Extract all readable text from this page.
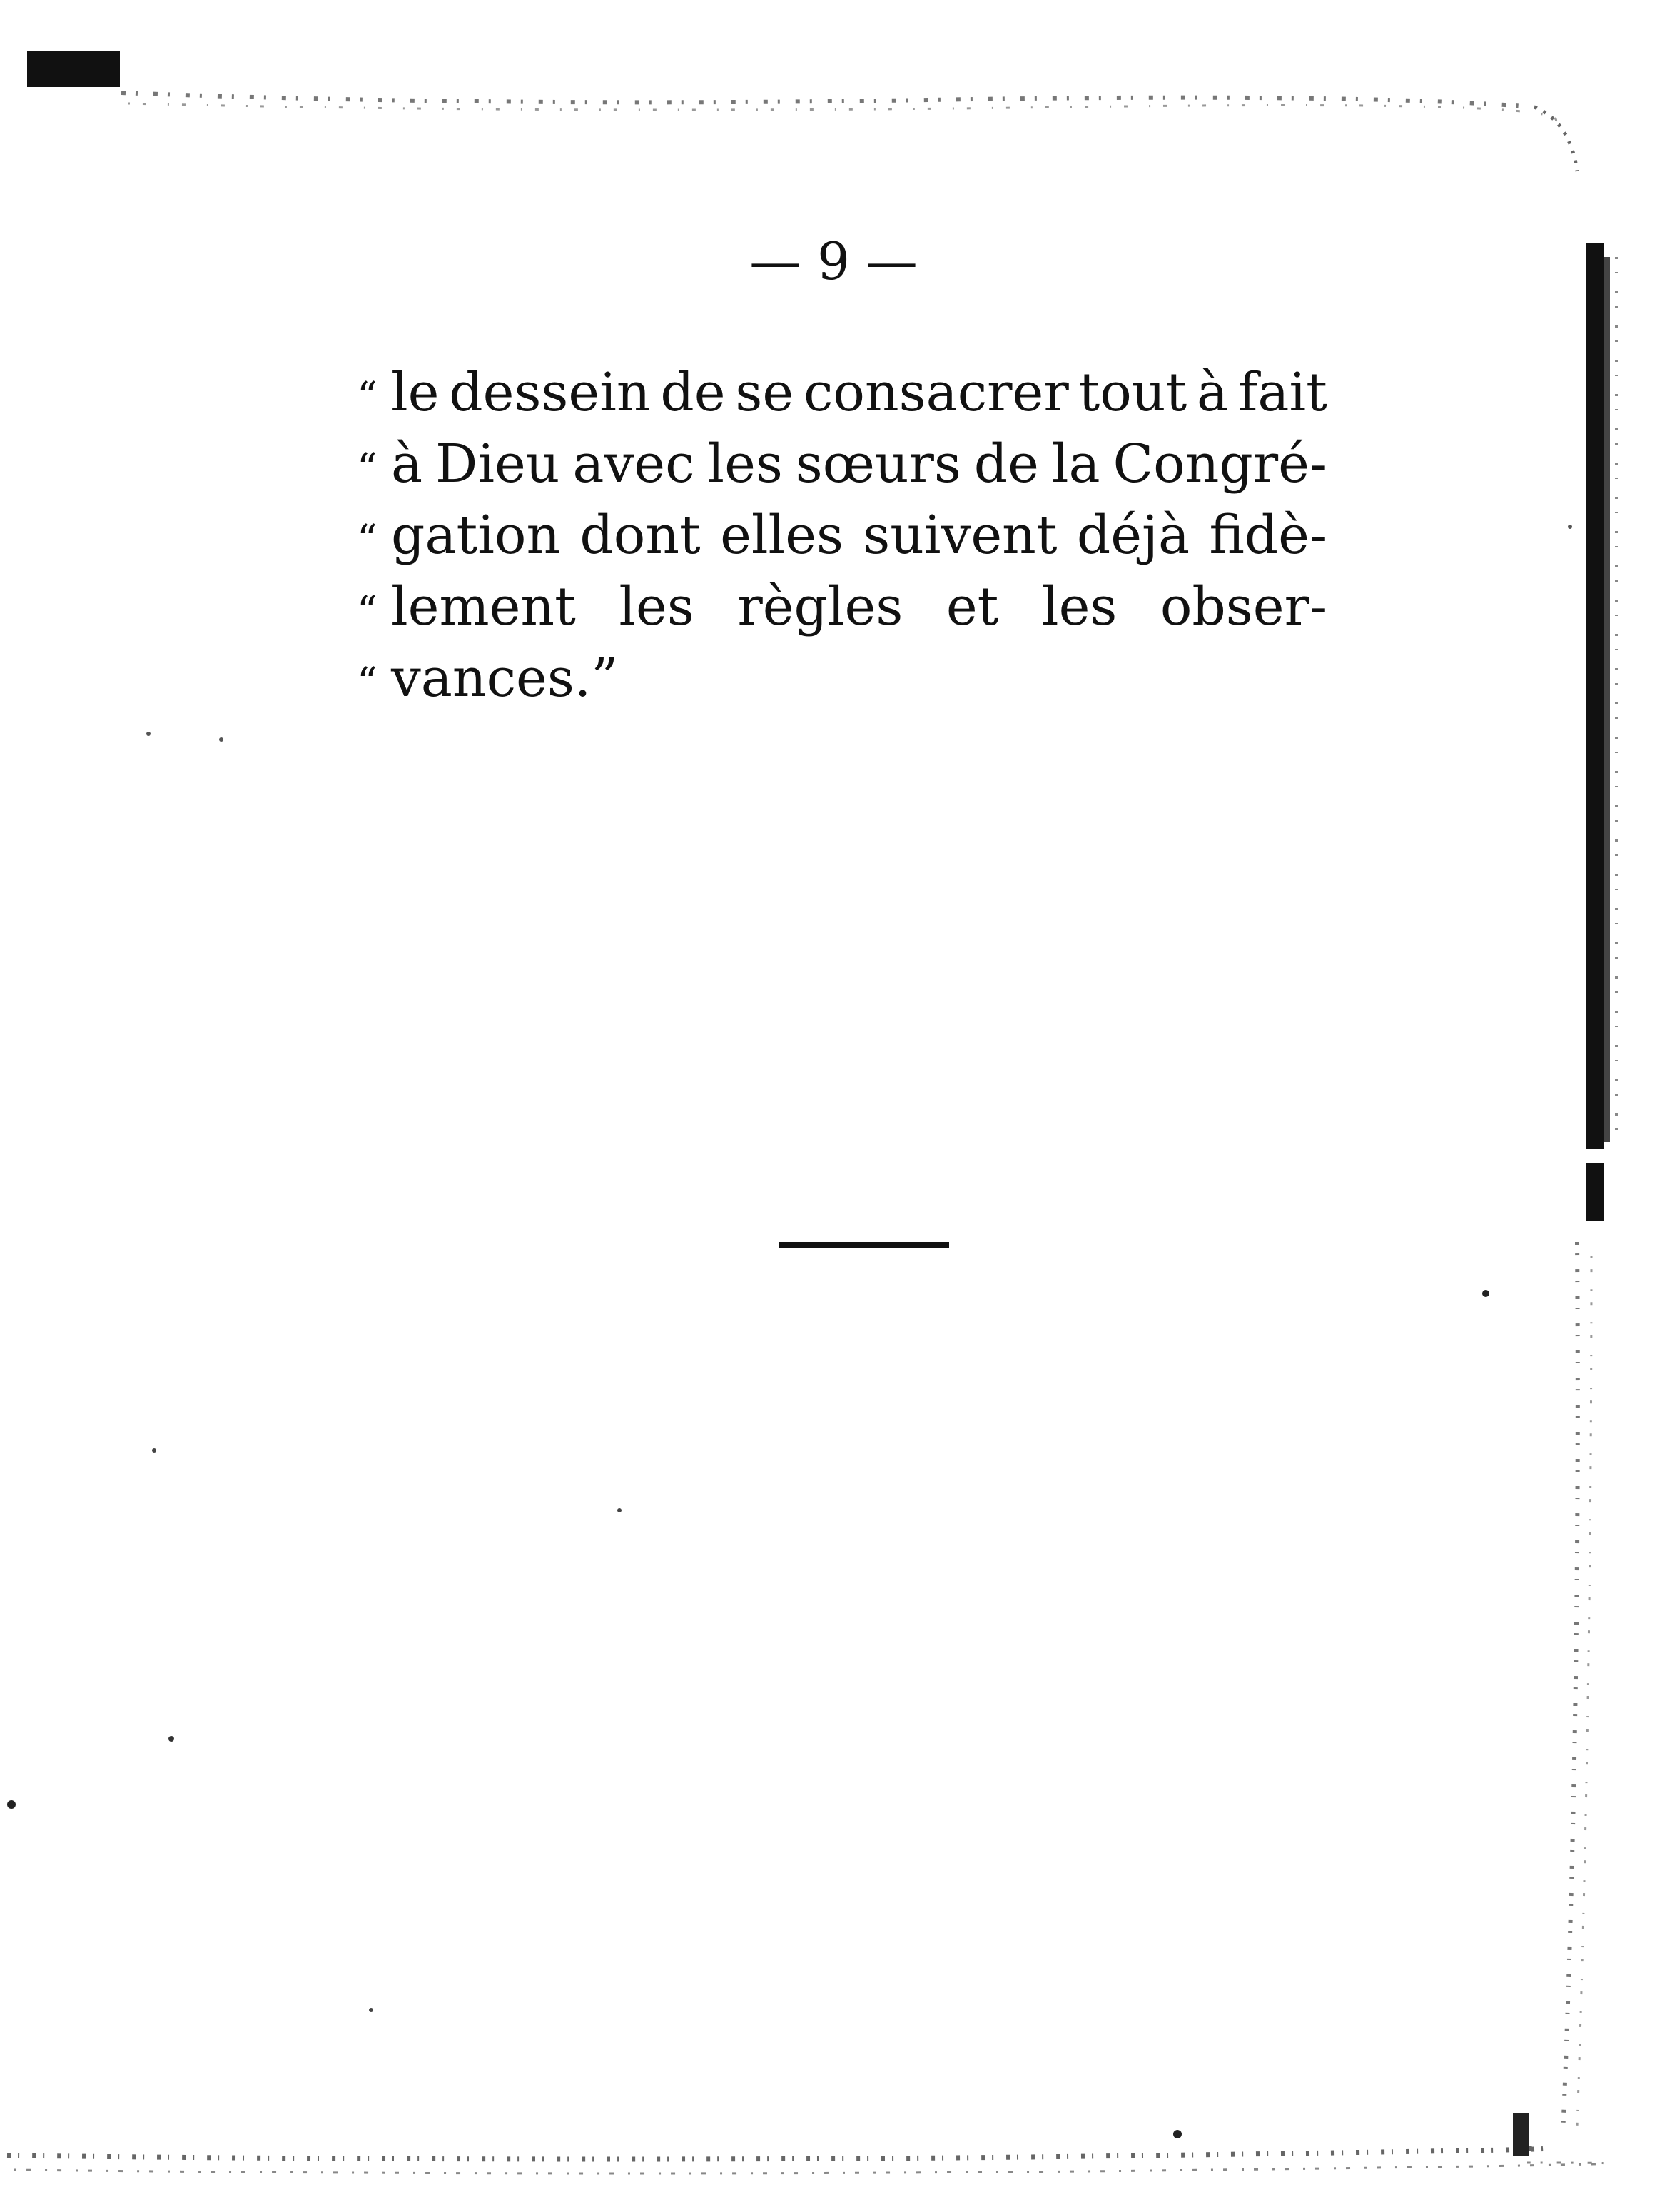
— 9 —
“ le dessein de se consacrer tout à fait
“ à Dieu avec les sœurs de la Congré-
“ gation dont elles suivent déjà fidè-
“ lement les règles et les obser-
“ vances.”
